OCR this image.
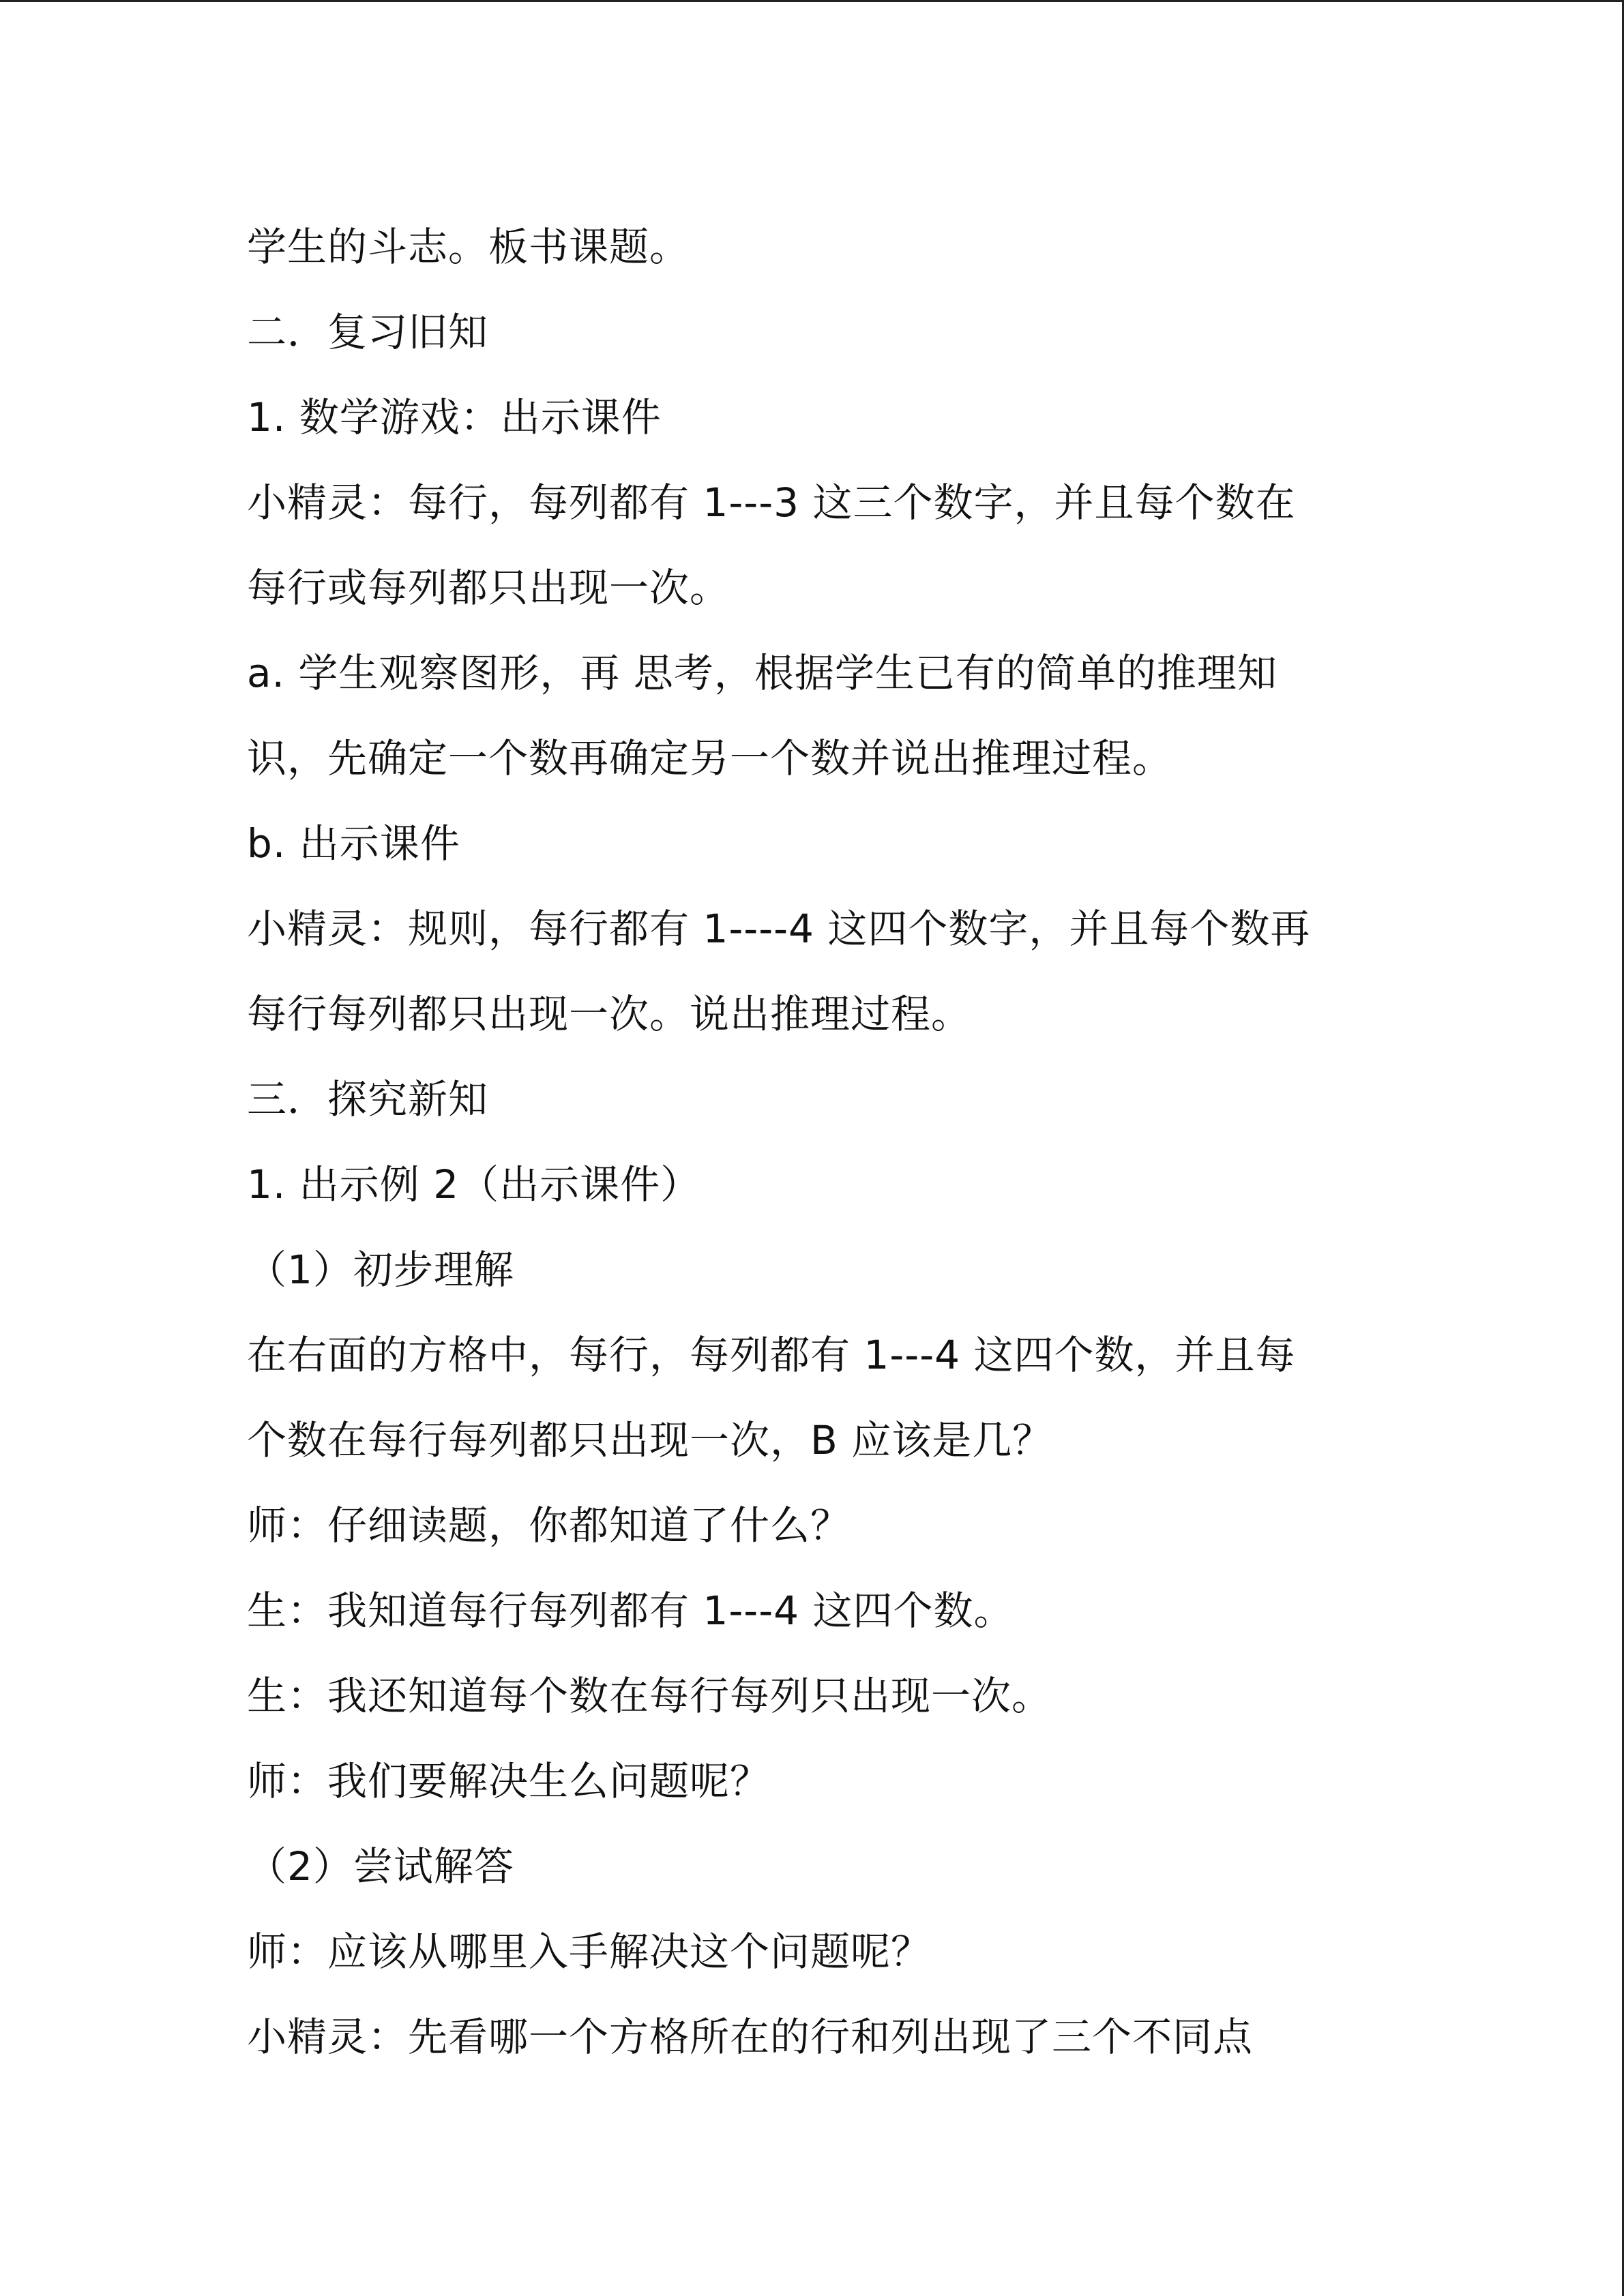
学生的斗志。板书课题。
二．复习旧知
1. 数学游戏：出示课件
小精灵：每行，每列都有 1---3 这三个数字，并且每个数在
每行或每列都只出现一次。
a. 学生观察图形，再 思考，根据学生已有的简单的推理知
识，先确定一个数再确定另一个数并说出推理过程。
b. 出示课件
小精灵：规则，每行都有 1----4 这四个数字，并且每个数再
每行每列都只出现一次。说出推理过程。
三．探究新知
1. 出示例 2（出示课件）
（1）初步理解
在右面的方格中，每行，每列都有 1---4 这四个数，并且每
个数在每行每列都只出现一次，B 应该是几？
师：仔细读题，你都知道了什么？
生：我知道每行每列都有 1---4 这四个数。
生：我还知道每个数在每行每列只出现一次。
师：我们要解决生么问题呢？
（2）尝试解答
师：应该从哪里入手解决这个问题呢？
小精灵：先看哪一个方格所在的行和列出现了三个不同点
